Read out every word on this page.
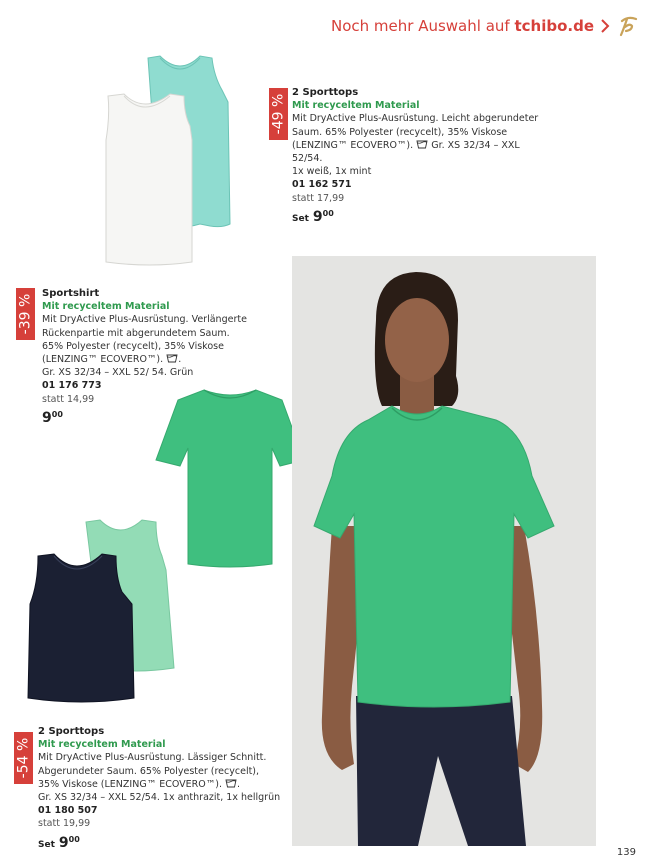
Noch mehr Auswahl auf tchibo.de
-49 %
2 Sporttops
Mit recyceltem Material
Mit DryActive Plus-Ausrüstung. Leicht abgerundeter
Saum. 65% Polyester (recycelt), 35% Viskose
(LENZING™ ECOVERO™). Gr. XS 32/34 – XXL 52/54.
1x weiß, 1x mint
01 162 571
statt 17,99
Set $9^{00}$
-39 %
Sportshirt
Mit recyceltem Material
Mit DryActive Plus-Ausrüstung. Verlängerte
Rückenpartie mit abgerundetem Saum.
65% Polyester (recycelt), 35% Viskose
(LENZING™ ECOVERO™). .
Gr. XS 32/34 – XXL 52/ 54. Grün
01 176 773
statt 14,99
$9^{00}$
-54 %
2 Sporttops
Mit recyceltem Material
Mit DryActive Plus-Ausrüstung. Lässiger Schnitt.
Abgerundeter Saum. 65% Polyester (recycelt),
35% Viskose (LENZING™ ECOVERO™). .
Gr. XS 32/34 – XXL 52/54. 1x anthrazit, 1x hellgrün
01 180 507
statt 19,99
Set $9^{00}$
139
